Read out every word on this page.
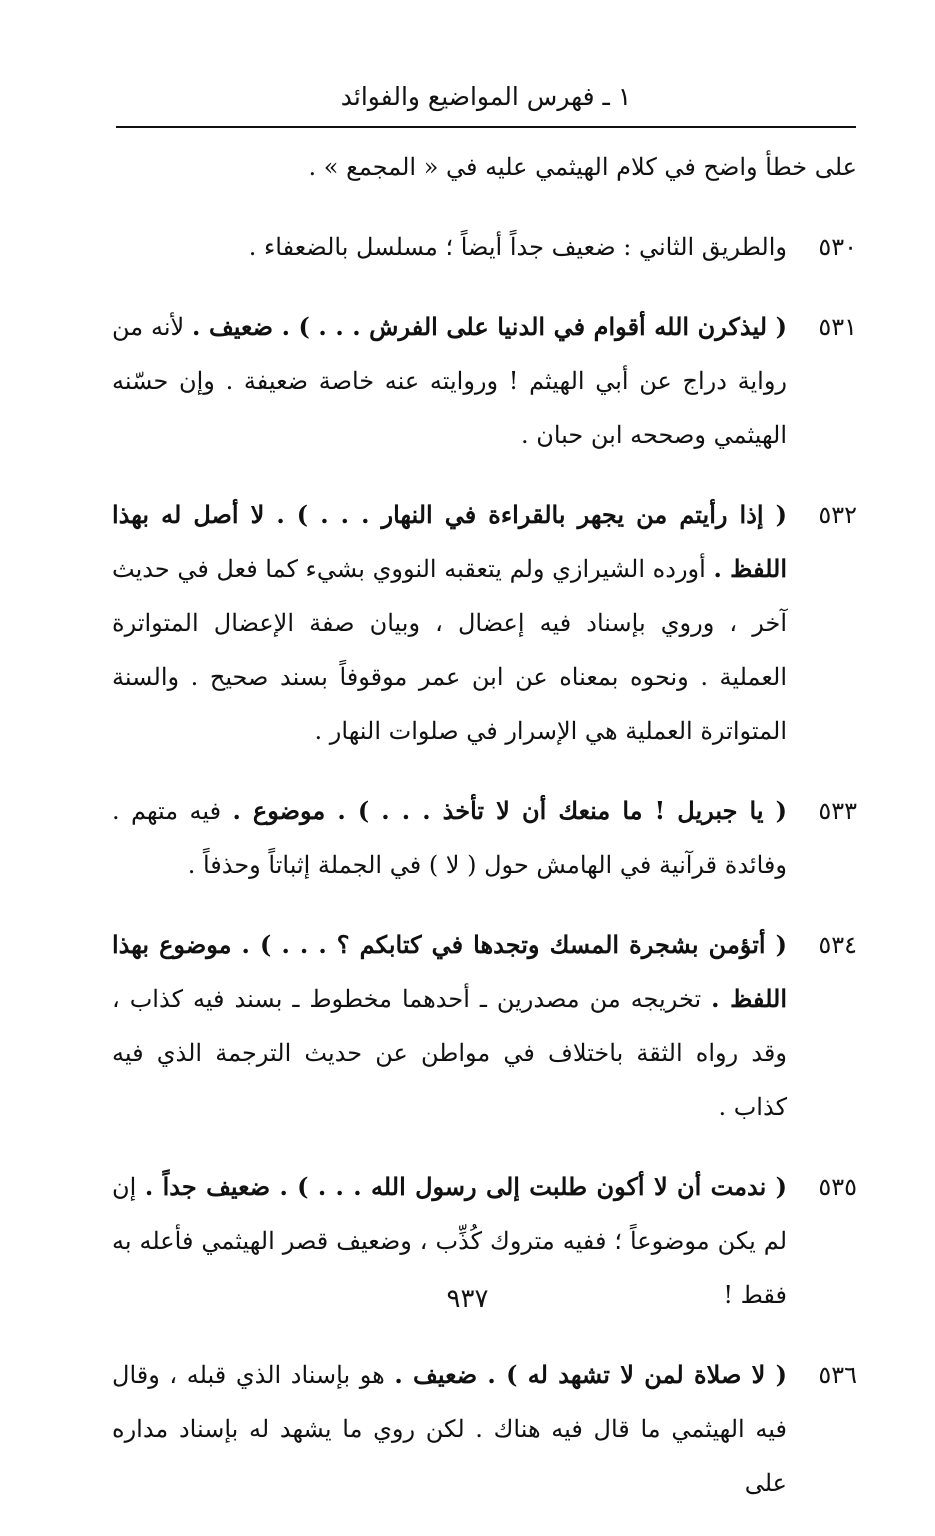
١ ـ فهرس المواضيع والفوائد
على خطأ واضح في كلام الهيثمي عليه في « المجمع » .
٥٣٠
والطريق الثاني : ضعيف جداً أيضاً ؛ مسلسل بالضعفاء .
٥٣١
( ليذكرن الله أقوام في الدنيا على الفرش . . . ) . ضعيف . لأنه من رواية دراج عن أبي الهيثم ! وروايته عنه خاصة ضعيفة . وإن حسّنه الهيثمي وصححه ابن حبان .
٥٣٢
( إذا رأيتم من يجهر بالقراءة في النهار . . . ) . لا أصل له بهذا اللفظ . أورده الشيرازي ولم يتعقبه النووي بشيء كما فعل في حديث آخر ، وروي بإسناد فيه إعضال ، وبيان صفة الإعضال المتواترة العملية . ونحوه بمعناه عن ابن عمر موقوفاً بسند صحيح . والسنة المتواترة العملية هي الإسرار في صلوات النهار .
٥٣٣
( يا جبريل ! ما منعك أن لا تأخذ . . . ) . موضوع . فيه متهم . وفائدة قرآنية في الهامش حول ( لا ) في الجملة إثباتاً وحذفاً .
٥٣٤
( أتؤمن بشجرة المسك وتجدها في كتابكم ؟ . . . ) . موضوع بهذا اللفظ . تخريجه من مصدرين ـ أحدهما مخطوط ـ بسند فيه كذاب ، وقد رواه الثقة باختلاف في مواطن عن حديث الترجمة الذي فيه كذاب .
٥٣٥
( ندمت أن لا أكون طلبت إلى رسول الله . . . ) . ضعيف جداً . إن لم يكن موضوعاً ؛ ففيه متروك كُذِّب ، وضعيف قصر الهيثمي فأعله به فقط !
٥٣٦
( لا صلاة لمن لا تشهد له ) . ضعيف . هو بإسناد الذي قبله ، وقال فيه الهيثمي ما قال فيه هناك . لكن روي ما يشهد له بإسناد مداره على
٩٣٧
